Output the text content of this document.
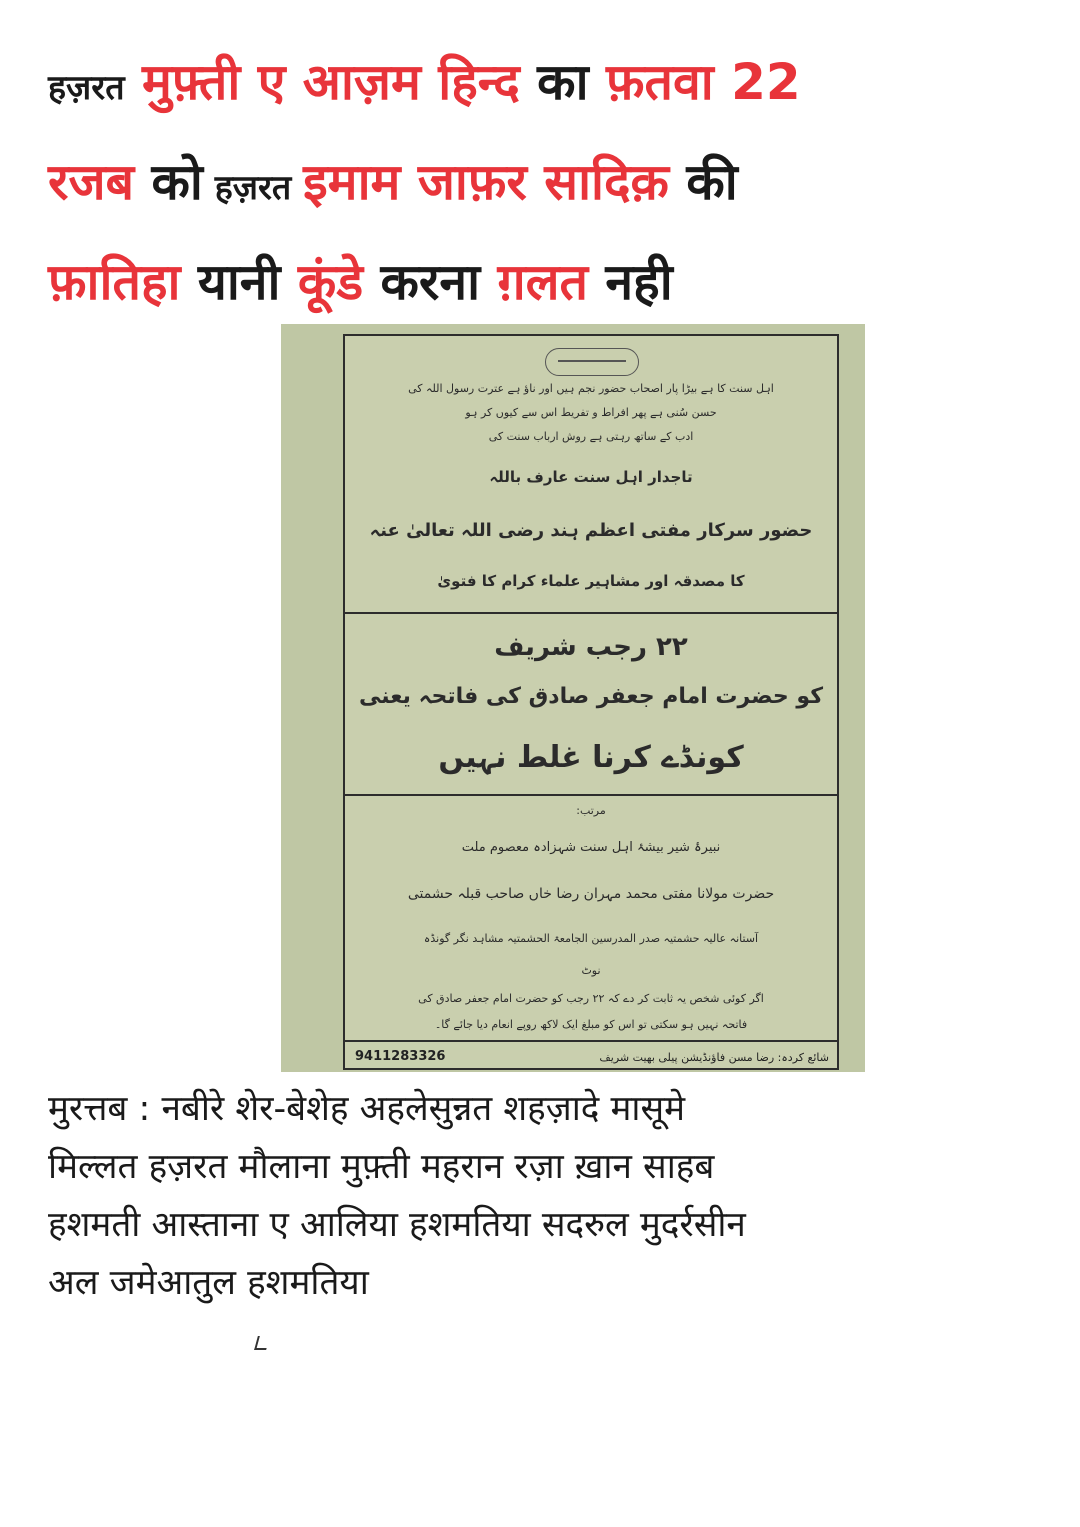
हज़रत मुफ़्ती ए आज़म हिन्द का फ़तवा 22
रजब को हज़रत इमाम जाफ़र सादिक़ की
फ़ातिहा यानी कूंडे करना ग़लत नही
اہل سنت کا ہے بیڑا پار اصحاب حضور نجم ہیں اور ناؤ ہے عترت رسول اللہ کی
حسن سُنی ہے پھر افراط و تفریط اس سے کیوں کر ہو
ادب کے ساتھ رہتی ہے روش ارباب سنت کی
تاجدار اہل سنت عارف باللہ
حضور سرکار مفتی اعظم ہند رضی اللہ تعالیٰ عنہ
کا مصدقہ اور مشاہیر علماء کرام کا فتویٰ
۲۲ رجب شریف
کو حضرت امام جعفر صادق کی فاتحہ یعنی
کونڈے کرنا غلط نہیں
مرتب:
نبیرۂ شیر بیشۂ اہل سنت شہزادہ معصوم ملت
حضرت مولانا مفتی محمد مہران رضا خاں صاحب قبلہ حشمتی
آستانہ عالیہ حشمتیہ صدر المدرسین الجامعۃ الحشمتیہ مشاہد نگر گونڈہ
نوٹ
اگر کوئی شخص یہ ثابت کر دے کہ ۲۲ رجب کو حضرت امام جعفر صادق کی
فاتحہ نہیں ہو سکتی تو اس کو مبلغ ایک لاکھ روپے انعام دیا جائے گا۔
9411283326	شائع کردہ: رضا مسن فاؤنڈیشن پیلی بھیت شریف
मुरत्तब : नबीरे शेर-बेशेह अहलेसुन्नत शहज़ादे मासूमे
मिल्लत हज़रत मौलाना मुफ़्ती महरान रज़ा ख़ान साहब
हशमती आस्ताना ए आलिया हशमतिया सदरुल मुदर्रसीन
अल जमेआतुल हशमतिया
